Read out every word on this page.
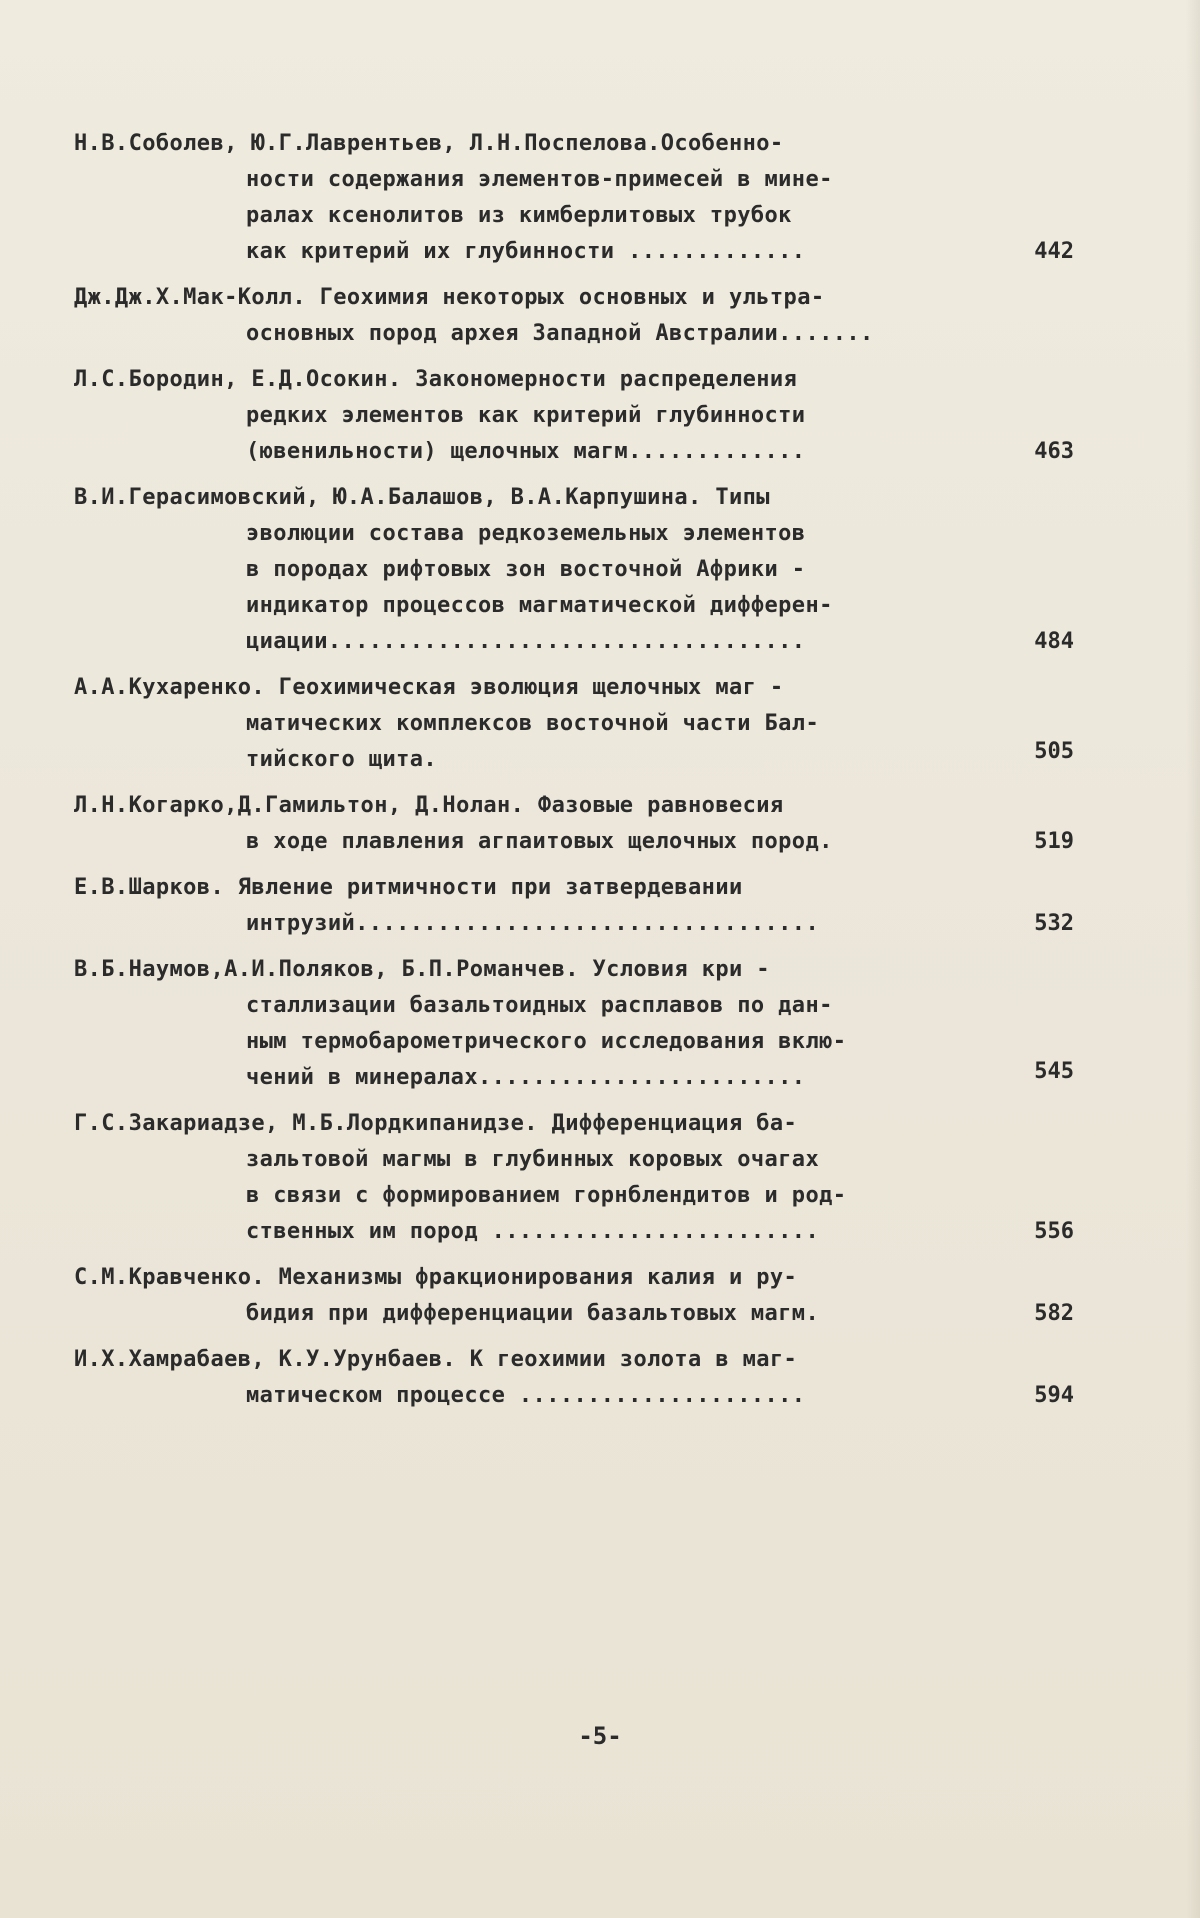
Н.В.Соболев, Ю.Г.Лаврентьев, Л.Н.Поспелова.Особенно-
ности содержания элементов-примесей в мине-
ралах ксенолитов из кимберлитовых трубок
как критерий их глубинности .............	442
Дж.Дж.Х.Мак-Колл. Геохимия некоторых основных и ультра-
основных пород архея Западной Австралии.......
Л.С.Бородин, Е.Д.Осокин. Закономерности распределения
редких элементов как критерий глубинности
(ювенильности) щелочных магм.............	463
В.И.Герасимовский, Ю.А.Балашов, В.А.Карпушина. Типы
эволюции состава редкоземельных элементов
в породах рифтовых зон восточной Африки -
индикатор процессов магматической дифферен-
циации...................................	484
А.А.Кухаренко. Геохимическая эволюция щелочных маг -
матических комплексов восточной части Бал-
тийского щита.	505
Л.Н.Когарко,Д.Гамильтон, Д.Нолан. Фазовые равновесия
в ходе плавления агпаитовых щелочных пород.	519
Е.В.Шарков. Явление ритмичности при затвердевании
интрузий..................................	532
В.Б.Наумов,А.И.Поляков, Б.П.Романчев. Условия кри -
сталлизации базальтоидных расплавов по дан-
ным термобарометрического исследования вклю-
чений в минералах........................	545
Г.С.Закариадзе, М.Б.Лордкипанидзе. Дифференциация ба-
зальтовой магмы в глубинных коровых очагах
в связи с формированием горнблендитов и род-
ственных им пород ........................	556
С.М.Кравченко. Механизмы фракционирования калия и ру-
бидия при дифференциации базальтовых магм.	582
И.Х.Хамрабаев, К.У.Урунбаев. К геохимии золота в маг-
матическом процессе .....................	594
-5-
